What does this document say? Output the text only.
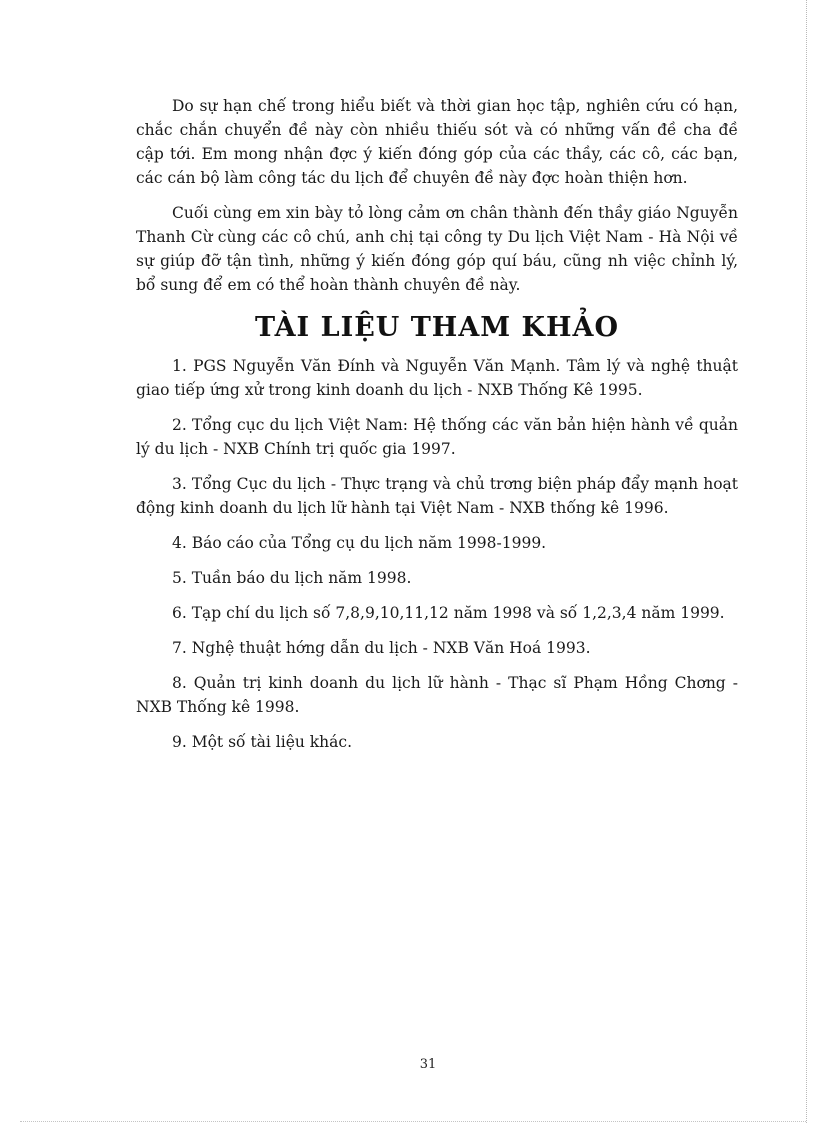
Do sự hạn chế trong hiểu biết và thời gian học tập, nghiên cứu có hạn, chắc chắn chuyển đề này còn nhiều thiếu sót và có những vấn đề cha đề cập tới. Em mong nhận đợc ý kiến đóng góp của các thầy, các cô, các bạn, các cán bộ làm công tác du lịch để chuyên đề này đợc hoàn thiện hơn.

Cuối cùng em xin bày tỏ lòng cảm ơn chân thành đến thầy giáo Nguyễn Thanh Cừ cùng các cô chú, anh chị tại công ty Du lịch Việt Nam - Hà Nội về sự giúp đỡ tận tình, những ý kiến đóng góp quí báu, cũng nh việc chỉnh lý, bổ sung để em có thể hoàn thành chuyên đề này.

TÀI LIỆU THAM KHẢO
1. PGS Nguyễn Văn Đính và Nguyễn Văn Mạnh. Tâm lý và nghệ thuật giao tiếp ứng xử trong kinh doanh du lịch - NXB Thống Kê 1995.
2. Tổng cục du lịch Việt Nam: Hệ thống các văn bản hiện hành về quản lý du lịch - NXB Chính trị quốc gia 1997.
3. Tổng Cục du lịch - Thực trạng và chủ trơng biện pháp đẩy mạnh hoạt động kinh doanh du lịch lữ hành tại Việt Nam - NXB thống kê 1996.
4. Báo cáo của Tổng cụ du lịch năm 1998-1999.
5. Tuần báo du lịch năm 1998.
6. Tạp chí du lịch số 7,8,9,10,11,12 năm 1998 và số 1,2,3,4 năm 1999.
7. Nghệ thuật hớng dẫn du lịch - NXB Văn Hoá 1993.
8. Quản trị kinh doanh du lịch lữ hành - Thạc sĩ Phạm Hồng Chơng - NXB Thống kê 1998.
9. Một số tài liệu khác.
31
